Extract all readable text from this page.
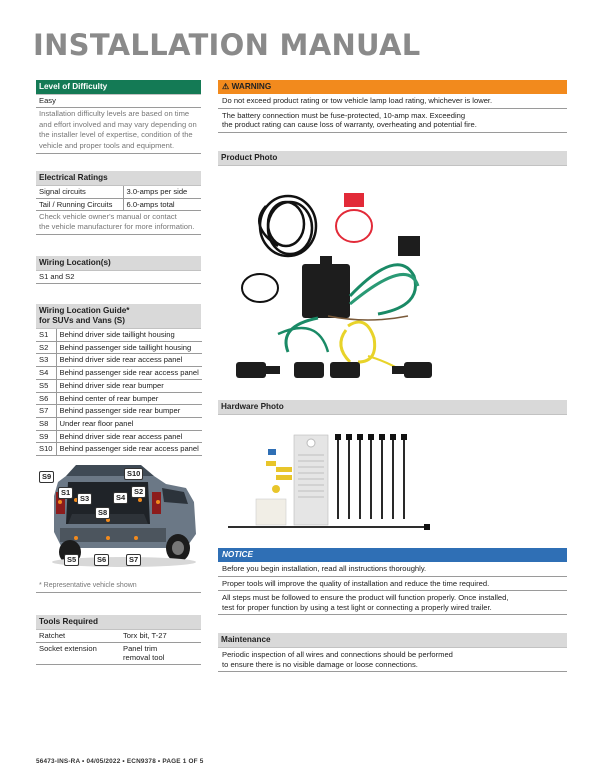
INSTALLATION MANUAL
Level of Difficulty
Easy
Installation difficulty levels are based on time
and effort involved and may vary depending on
the installer level of expertise, condition of the
vehicle and proper tools and equipment.
Electrical Ratings
Signal circuits	3.0-amps per side
Tail / Running Circuits	6.0-amps total
Check vehicle owner's manual or contact
the vehicle manufacturer for more information.
Wiring Location(s)
S1 and S2
Wiring Location Guide*
for SUVs and Vans (S)
S1	Behind driver side taillight housing
S2	Behind passenger side taillight housing
S3	Behind driver side rear access panel
S4	Behind passenger side rear access panel
S5	Behind driver side rear bumper
S6	Behind center of rear bumper
S7	Behind passenger side rear bumper
S8	Under rear floor panel
S9	Behind driver side rear access panel
S10	Behind passenger side rear access panel
S9	S10
S1
S3	S4
S2
S8
S5	S6	S7
* Representative vehicle shown
Tools Required
Ratchet	Torx bit, T-27
Socket extension	Panel trim
removal tool
⚠ WARNING
Do not exceed product rating or tow vehicle lamp load rating, whichever is lower.
The battery connection must be fuse-protected, 10-amp max. Exceeding
the product rating can cause loss of warranty, overheating and potential fire.
Product Photo
Hardware Photo
NOTICE
Before you begin installation, read all instructions thoroughly.
Proper tools will improve the quality of installation and reduce the time required.
All steps must be followed to ensure the product will function properly. Once installed,
test for proper function by using a test light or connecting a properly wired trailer.
Maintenance
Periodic inspection of all wires and connections should be performed
to ensure there is no visible damage or loose connections.
56473-INS-RA • 04/05/2022 • ECN9378 • PAGE 1 OF 5
